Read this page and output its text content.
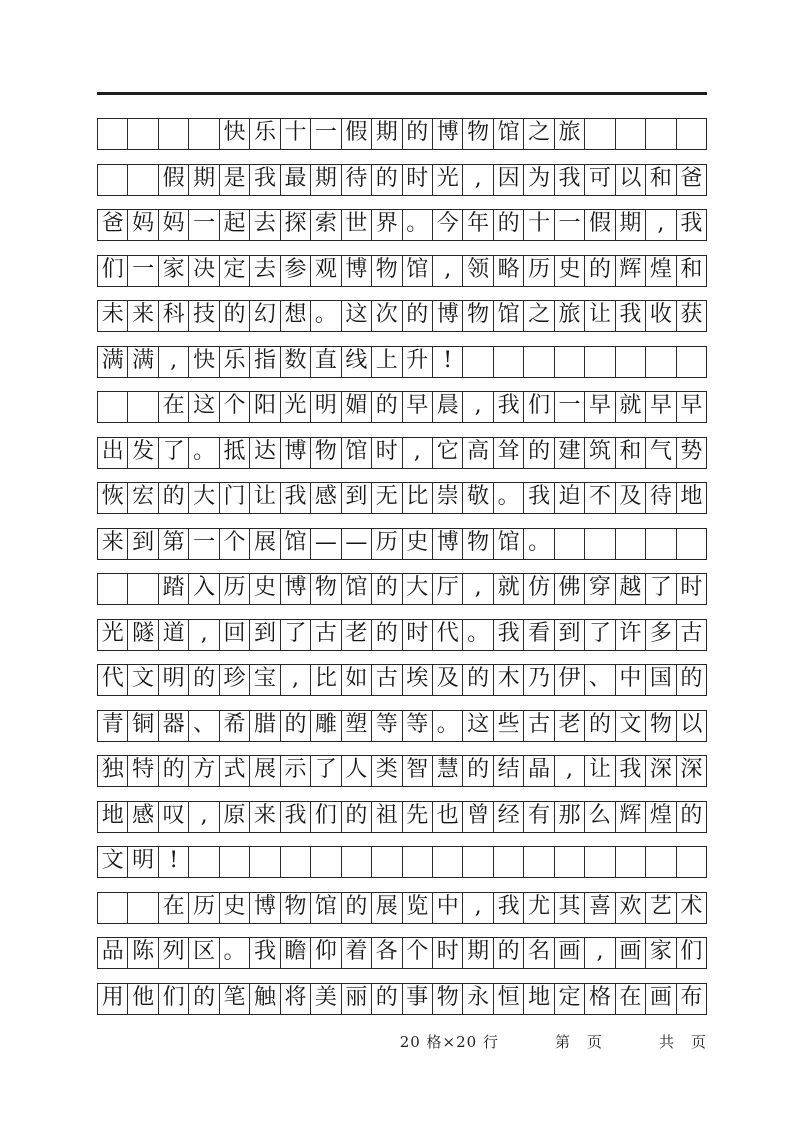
快 乐 十 一 假 期 的 博 物 馆 之 旅
假 期 是 我 最 期 待 的 时 光 , 因 为 我 可 以 和 爸
爸 妈 妈 一 起 去 探 索 世 界 。 今 年 的 十 一 假 期 , 我
们 一 家 决 定 去 参 观 博 物 馆 , 领 略 历 史 的 辉 煌 和
未 来 科 技 的 幻 想 。 这 次 的 博 物 馆 之 旅 让 我 收 获
满 满 , 快 乐 指 数 直 线 上 升 !
在 这 个 阳 光 明 媚 的 早 晨 , 我 们 一 早 就 早 早
出 发 了 。 抵 达 博 物 馆 时 , 它 高 耸 的 建 筑 和 气 势
恢 宏 的 大 门 让 我 感 到 无 比 崇 敬 。 我 迫 不 及 待 地
来 到 第 一 个 展 馆 — — 历 史 博 物 馆 。
踏 入 历 史 博 物 馆 的 大 厅 , 就 仿 佛 穿 越 了 时
光 隧 道 , 回 到 了 古 老 的 时 代 。 我 看 到 了 许 多 古
代 文 明 的 珍 宝 , 比 如 古 埃 及 的 木 乃 伊 、 中 国 的
青 铜 器 、 希 腊 的 雕 塑 等 等 。 这 些 古 老 的 文 物 以
独 特 的 方 式 展 示 了 人 类 智 慧 的 结 晶 , 让 我 深 深
地 感 叹 , 原 来 我 们 的 祖 先 也 曾 经 有 那 么 辉 煌 的
文 明 !
在 历 史 博 物 馆 的 展 览 中 , 我 尤 其 喜 欢 艺 术
品 陈 列 区 。 我 瞻 仰 着 各 个 时 期 的 名 画 , 画 家 们
用 他 们 的 笔 触 将 美 丽 的 事 物 永 恒 地 定 格 在 画 布
20 格×20 行	第　页	共　页
